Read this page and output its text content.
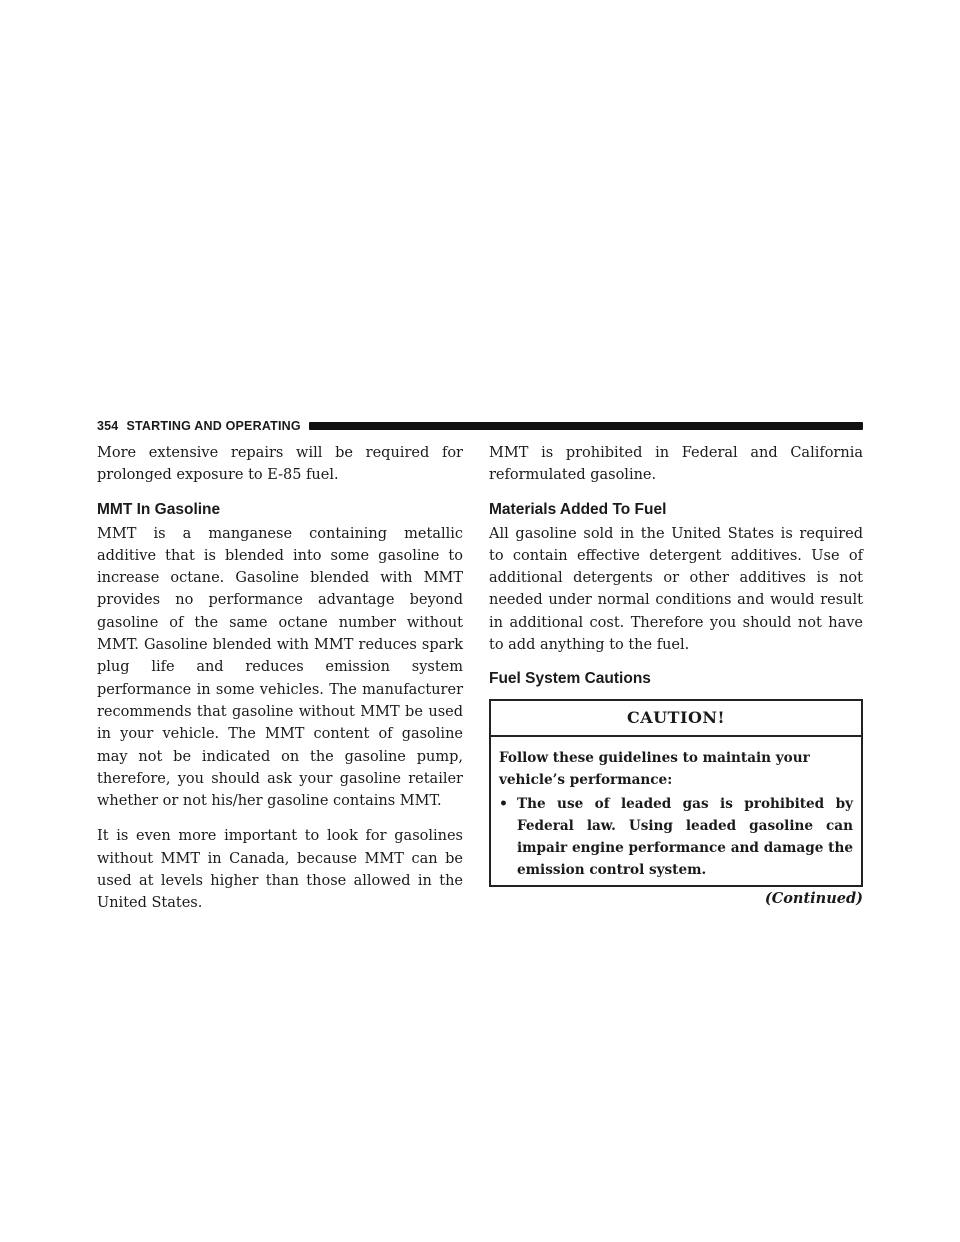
354 STARTING AND OPERATING

More extensive repairs will be required for prolonged exposure to E-85 fuel.

MMT In Gasoline

MMT is a manganese containing metallic additive that is blended into some gasoline to increase octane. Gasoline blended with MMT provides no performance advantage beyond gasoline of the same octane number without MMT. Gasoline blended with MMT reduces spark plug life and reduces emission system performance in some vehicles. The manufacturer recommends that gasoline without MMT be used in your vehicle. The MMT content of gasoline may not be indicated on the gasoline pump, therefore, you should ask your gasoline retailer whether or not his/her gasoline contains MMT.

It is even more important to look for gasolines without MMT in Canada, because MMT can be used at levels higher than those allowed in the United States.

MMT is prohibited in Federal and California reformulated gasoline.

Materials Added To Fuel

All gasoline sold in the United States is required to contain effective detergent additives. Use of additional detergents or other additives is not needed under normal conditions and would result in additional cost. Therefore you should not have to add anything to the fuel.

Fuel System Cautions
CAUTION!

Follow these guidelines to maintain your vehicle’s performance:

• The use of leaded gas is prohibited by Federal law. Using leaded gasoline can impair engine performance and damage the emission control system.
(Continued)
